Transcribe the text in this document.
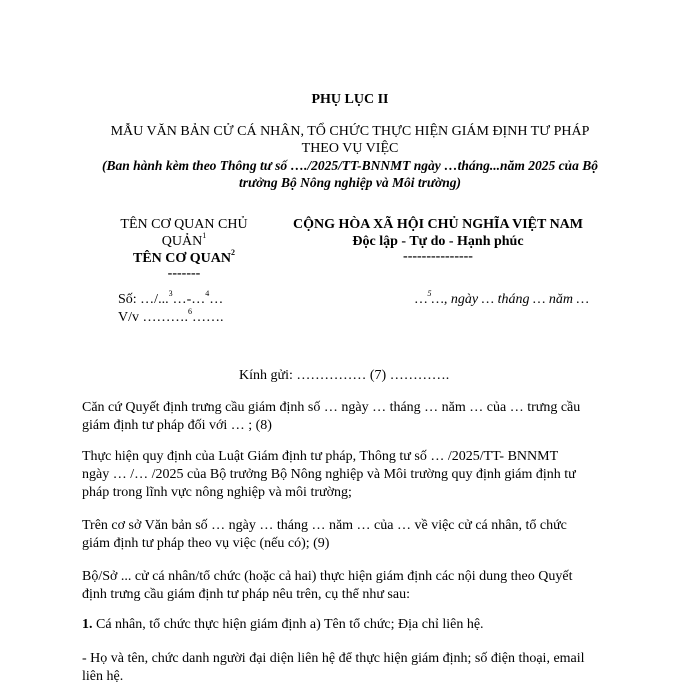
PHỤ LỤC II
MẪU VĂN BẢN CỬ CÁ NHÂN, TỔ CHỨC THỰC HIỆN GIÁM ĐỊNH TƯ PHÁP
THEO VỤ VIỆC
(Ban hành kèm theo Thông tư số …./2025/TT-BNNMT ngày …tháng...năm 2025 của Bộ
trưởng Bộ Nông nghiệp và Môi trường)
TÊN CƠ QUAN CHỦ
QUẢN$^1$
TÊN CƠ QUAN$^2$
-------
Số: …/...$^3$…-…$^4$…
V/v ……….$^6$…….
CỘNG HÒA XÃ HỘI CHỦ NGHĨA VIỆT NAM
Độc lập - Tự do - Hạnh phúc
---------------
…$^5$…, ngày … tháng … năm …
Kính gửi: …………… (7) ………….
Căn cứ Quyết định trưng cầu giám định số … ngày … tháng … năm … của … trưng cầu
giám định tư pháp đối với … ; (8)
Thực hiện quy định của Luật Giám định tư pháp, Thông tư số … /2025/TT- BNNMT
ngày … /… /2025 của Bộ trưởng Bộ Nông nghiệp và Môi trường quy định giám định tư
pháp trong lĩnh vực nông nghiệp và môi trường;
Trên cơ sở Văn bản số … ngày … tháng … năm … của … về việc cử cá nhân, tổ chức
giám định tư pháp theo vụ việc (nếu có); (9)
Bộ/Sở ... cử cá nhân/tổ chức (hoặc cả hai) thực hiện giám định các nội dung theo Quyết
định trưng cầu giám định tư pháp nêu trên, cụ thể như sau:
1. Cá nhân, tổ chức thực hiện giám định a) Tên tổ chức; Địa chỉ liên hệ.
- Họ và tên, chức danh người đại diện liên hệ để thực hiện giám định; số điện thoại, email
liên hệ.
